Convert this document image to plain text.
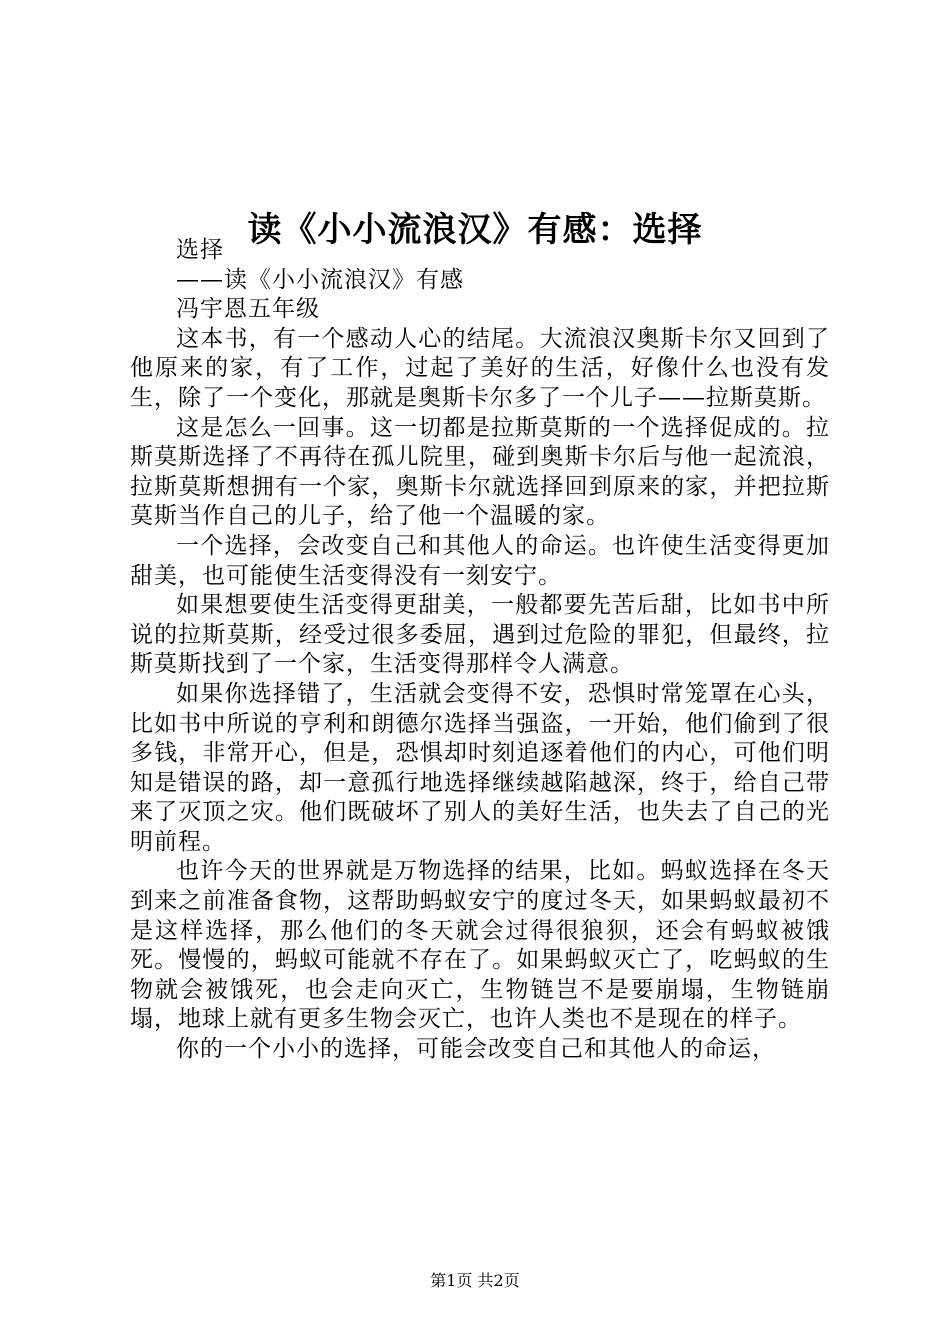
读《小小流浪汉》有感：选择

选择

——读《小小流浪汉》有感

冯宇恩五年级

这本书，有一个感动人心的结尾。大流浪汉奥斯卡尔又回到了他原来的家，有了工作，过起了美好的生活，好像什么也没有发生，除了一个变化，那就是奥斯卡尔多了一个儿子——拉斯莫斯。

这是怎么一回事。这一切都是拉斯莫斯的一个选择促成的。拉斯莫斯选择了不再待在孤儿院里，碰到奥斯卡尔后与他一起流浪，拉斯莫斯想拥有一个家，奥斯卡尔就选择回到原来的家，并把拉斯莫斯当作自己的儿子，给了他一个温暖的家。

一个选择，会改变自己和其他人的命运。也许使生活变得更加甜美，也可能使生活变得没有一刻安宁。

如果想要使生活变得更甜美，一般都要先苦后甜，比如书中所说的拉斯莫斯，经受过很多委屈，遇到过危险的罪犯，但最终，拉斯莫斯找到了一个家，生活变得那样令人满意。

如果你选择错了，生活就会变得不安，恐惧时常笼罩在心头，比如书中所说的亨利和朗德尔选择当强盗，一开始，他们偷到了很多钱，非常开心，但是，恐惧却时刻追逐着他们的内心，可他们明知是错误的路，却一意孤行地选择继续越陷越深，终于，给自己带来了灭顶之灾。他们既破坏了别人的美好生活，也失去了自己的光明前程。

也许今天的世界就是万物选择的结果，比如。蚂蚁选择在冬天到来之前准备食物，这帮助蚂蚁安宁的度过冬天，如果蚂蚁最初不是这样选择，那么他们的冬天就会过得很狼狈，还会有蚂蚁被饿死。慢慢的，蚂蚁可能就不存在了。如果蚂蚁灭亡了，吃蚂蚁的生物就会被饿死，也会走向灭亡，生物链岂不是要崩塌，生物链崩塌，地球上就有更多生物会灭亡，也许人类也不是现在的样子。

你的一个小小的选择，可能会改变自己和其他人的命运，

第1页 共2页
